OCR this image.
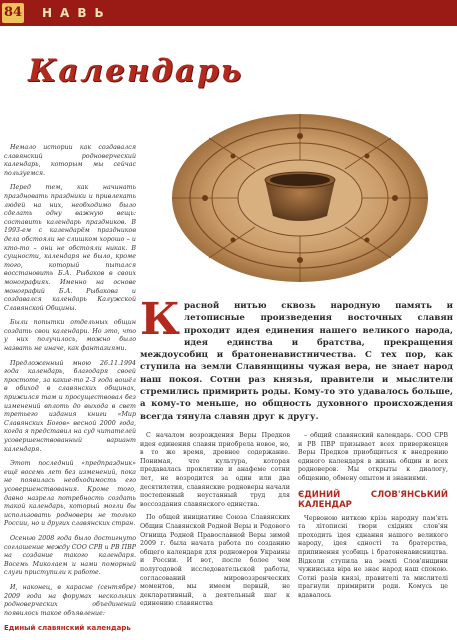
84 НАВЬ
Календарь

Немало истории как создавался славянский родноверческий календарь, которым мы сейчас пользуемся.

Перед тем, как начинать праздновать праздники и привлекать людей на них, необходимо было сделать одну важную вещь: составить календарь праздников. В 1993-ем с календарём праздников дела обстояли не слишком хорошо – и кто-то – они не обстояли никак. В сущности, календаря не было, кроме того, который пытался восстановить Б.А. Рыбаков в своих монографиях. Именно на основе монографий Б.А. Рыбакова и создавался календарь Калужской Славянской Общины.

Были попытки отдельных общин создать свои календари. Но это, что у них получилось, можно было назвать не иначе, как фантазиями.

Предложенный мною 26.11.1994 года календарь, благодаря своей простоте, за какие-то 2-3 года вошёл в обиход в славянских общинах, прижился там и просуществовал без изменений вплоть до выхода в свет третьего издания книги «Мир Славянских Богов» весной 2000 года, когда я представил на суд читателей усовершенствованный вариант календаря.

Этот последний «предпраздник» ещё восемь лет без изменений, пока не появилась необходимость его усовершенствования. Кроме того, давно назрела потребность создать такой календарь, который могли бы использовать родноверы не только России, но и других славянских стран.

Осенью 2008 года было достигнуто соглашение между СОО СРВ и РВ ПВР на создание такого календаря. Восемь Миколаем и нами поморный слуги приступили к работе.

И, наконец, в карасне (сентябре) 2009 года на форумах нескольких родноверческих объединений появилось такое объявление:

Единый славянский календарь

К расной нитью сквозь народную память и летописные произведения восточных славян проходит идея единения нашего великого народа, идея единства и братства, прекращения междоусобиц и братоненавистничества. С тех пор, как ступила на земли Славянщины чужая вера, не знает народ наш покоя. Сотни раз князья, правители и мыслители стремились примирить роды. Кому-то это удавалось больше, а кому-то меньше, но общность духовного происхождения всегда тянула славян друг к другу.

С началом возрождения Веры Предков идея единения славян приобрела новое, но, в то же время, древнее содержание. Понимая, что культура, которая предавалась проклятию и анафеме сотни лет, не возродится за один или два десятилетия, славянские родноверы начали постепенный неустанный труд для воссоздания славянского единства.

По общей инициативе Союза Славянских Общин Славянской Родной Веры и Родового Огнища Родной Православной Веры зимой 2009 г. была начата работа по созданию общего календаря для родноверов Украины и России. И вот, после более чем полугодовой исследовательской работы, согласований мировоззренческих моментов, мы имеем первый, не декларативный, а деятельный шаг к единению славянства

– общий славянский календарь. СОО СРВ и РВ ПВР призывает всех приверженцев Веры Предков приобщиться к внедрению единого календаря в жизнь общин и всех родноверов. Мы открыты к диалогу, общению, обмену опытом и знаниями.

ЄДИНИЙ СЛОВ'ЯНСЬКИЙ КАЛЕНДАР

Червоною ниткою крізь народну пам'ять та літописні твори східних слов'ян проходить ідея єднання нашого великого народу, ідея єдності та братерства, припинення усобиць і братоненависництва. Відколи ступила на землі Слов'янщини чужинська віра не знає народ наш спокою. Сотні разів князі, правителі та мислителі прагнули примирити роди. Комусь це вдавалось
